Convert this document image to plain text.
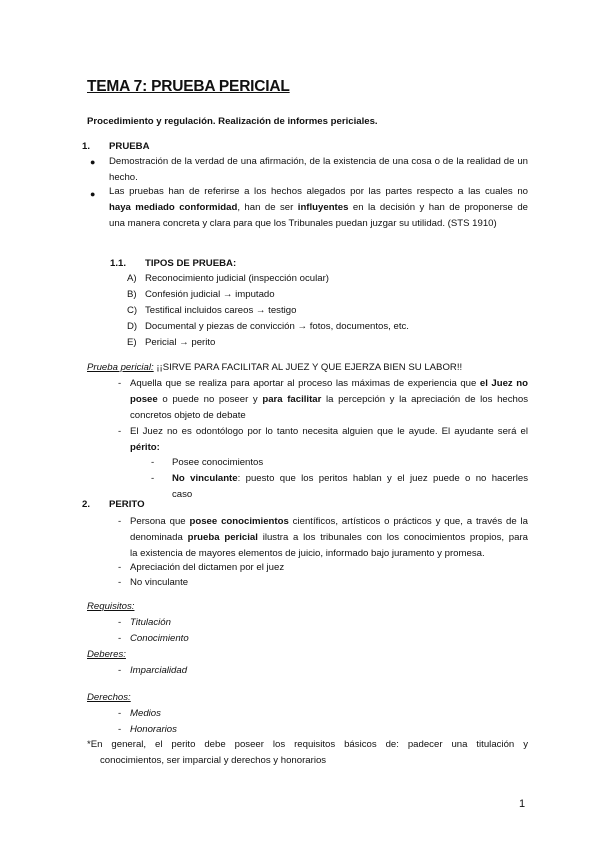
TEMA 7: PRUEBA PERICIAL
Procedimiento y regulación. Realización de informes periciales.
1. PRUEBA
● Demostración de la verdad de una afirmación, de la existencia de una cosa o de la realidad de un hecho.
● Las pruebas han de referirse a los hechos alegados por las partes respecto a las cuales no
haya mediado conformidad, han de ser influyentes en la decisión y han de proponerse de
una manera concreta y clara para que los Tribunales puedan juzgar su utilidad. (STS 1910)
1.1. TIPOS DE PRUEBA:
A) Reconocimiento judicial (inspección ocular)
B) Confesión judicial → imputado
C) Testifical incluidos careos → testigo
D) Documental y piezas de convicción → fotos, documentos, etc.
E) Pericial → perito
Prueba pericial: ¡¡SIRVE PARA FACILITAR AL JUEZ Y QUE EJERZA BIEN SU LABOR!!
- Aquella que se realiza para aportar al proceso las máximas de experiencia que el Juez no
posee o puede no poseer y para facilitar la percepción y la apreciación de los hechos
concretos objeto de debate
- El Juez no es odontólogo por lo tanto necesita alguien que le ayude. El ayudante será el
périto:
- Posee conocimientos
- No vinculante: puesto que los peritos hablan y el juez puede o no hacerles
caso
2. PERITO
- Persona que posee conocimientos científicos, artísticos o prácticos y que, a través de la
denominada prueba pericial ilustra a los tribunales con los conocimientos propios, para
la existencia de mayores elementos de juicio, informado bajo juramento y promesa.
- Apreciación del dictamen por el juez
- No vinculante
Requisitos:
- Titulación
- Conocimiento
Deberes:
- Imparcialidad
Derechos:
- Medios
- Honorarios
*En general, el perito debe poseer los requisitos básicos de: padecer una titulación y
conocimientos, ser imparcial y derechos y honorarios
1
